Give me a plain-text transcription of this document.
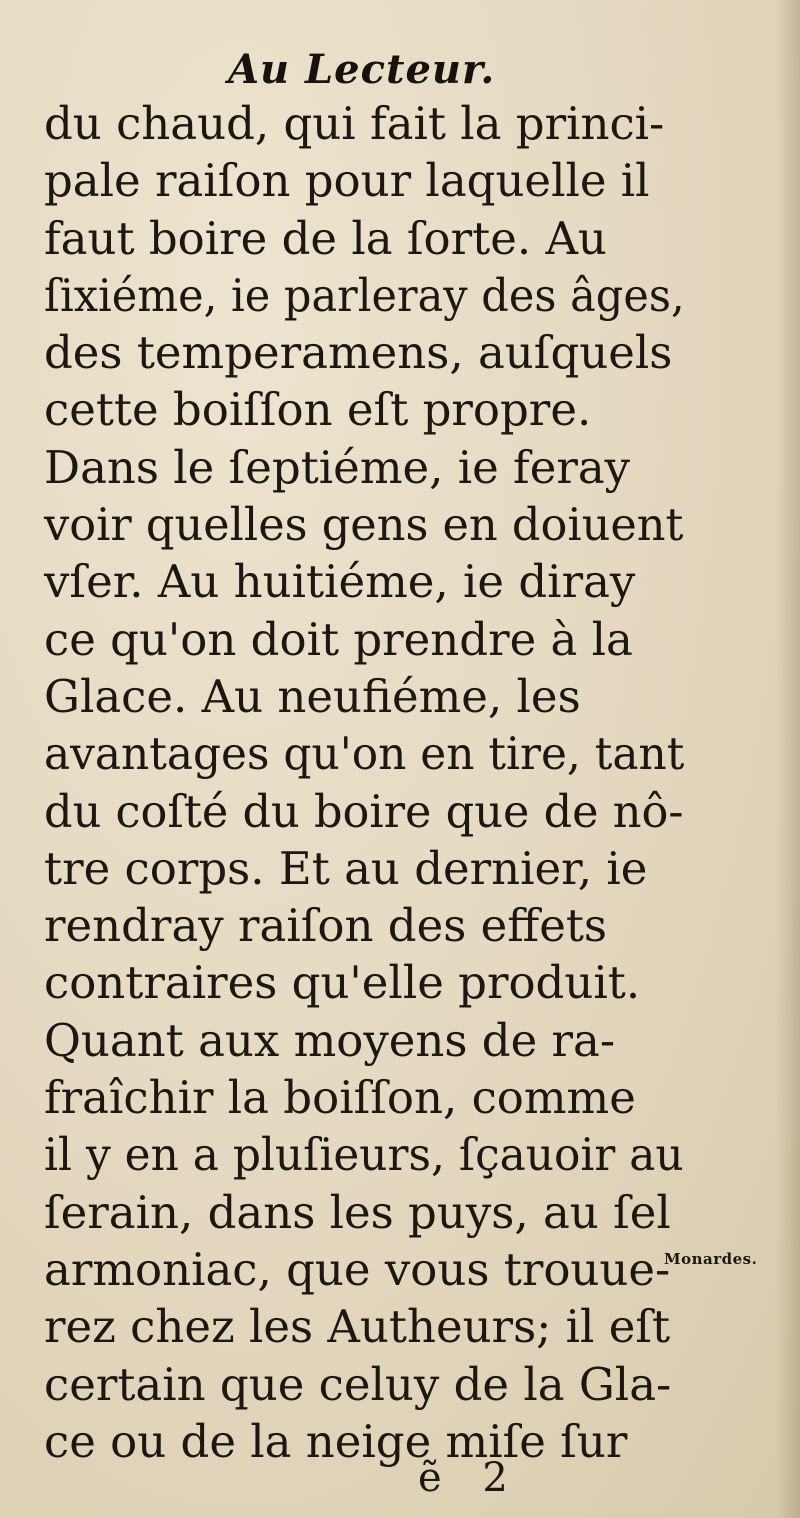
Au Lecteur.
du chaud, qui fait la princi-
pale raiſon pour laquelle il
faut boire de la ſorte. Au
ſixiéme, ie parleray des âges,
des temperamens, auſquels
cette boiſſon eſt propre.
Dans le ſeptiéme, ie feray
voir quelles gens en doiuent
vſer. Au huitiéme, ie diray
ce qu'on doit prendre à la
Glace. Au neufiéme, les
avantages qu'on en tire, tant
du coſté du boire que de nô-
tre corps. Et au dernier, ie
rendray raiſon des effets
contraires qu'elle produit.
Quant aux moyens de ra-
fraîchir la boiſſon, comme
il y en a pluſieurs, ſçauoir au
ſerain, dans les puys, au ſel
armoniac, que vous trouue-
rez chez les Autheurs; il eſt
certain que celuy de la Gla-
ce ou de la neige miſe ſur
Monardes.
ẽ 2
